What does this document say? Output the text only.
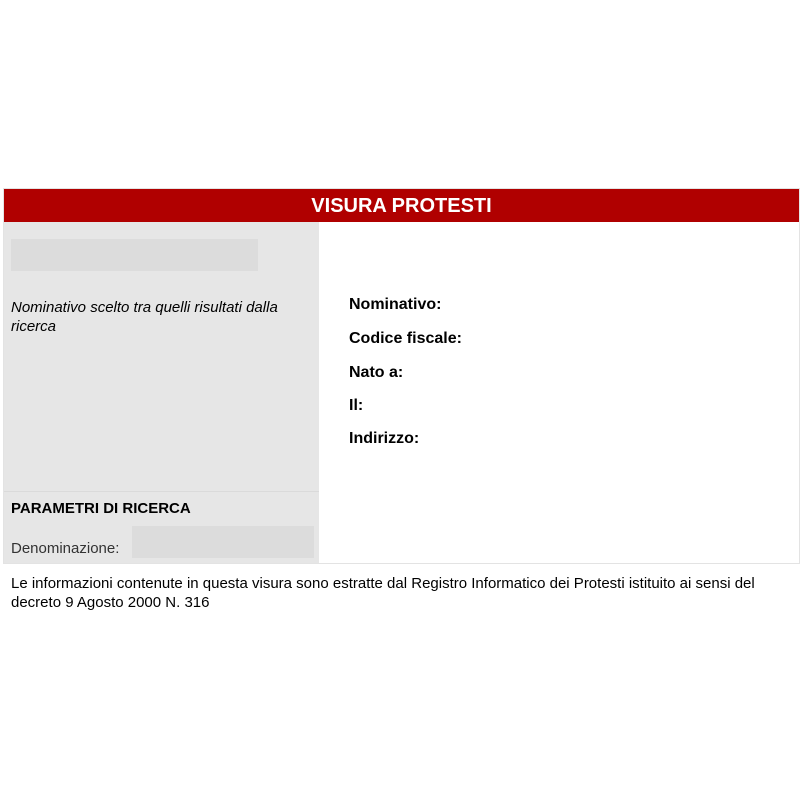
VISURA PROTESTI
Nominativo scelto tra quelli risultati dalla ricerca
PARAMETRI DI RICERCA
Denominazione:
Nominativo:
Codice fiscale:
Nato a:
Il:
Indirizzo:
Le informazioni contenute in questa visura sono estratte dal Registro Informatico dei Protesti istituito ai sensi del decreto 9 Agosto 2000 N. 316
